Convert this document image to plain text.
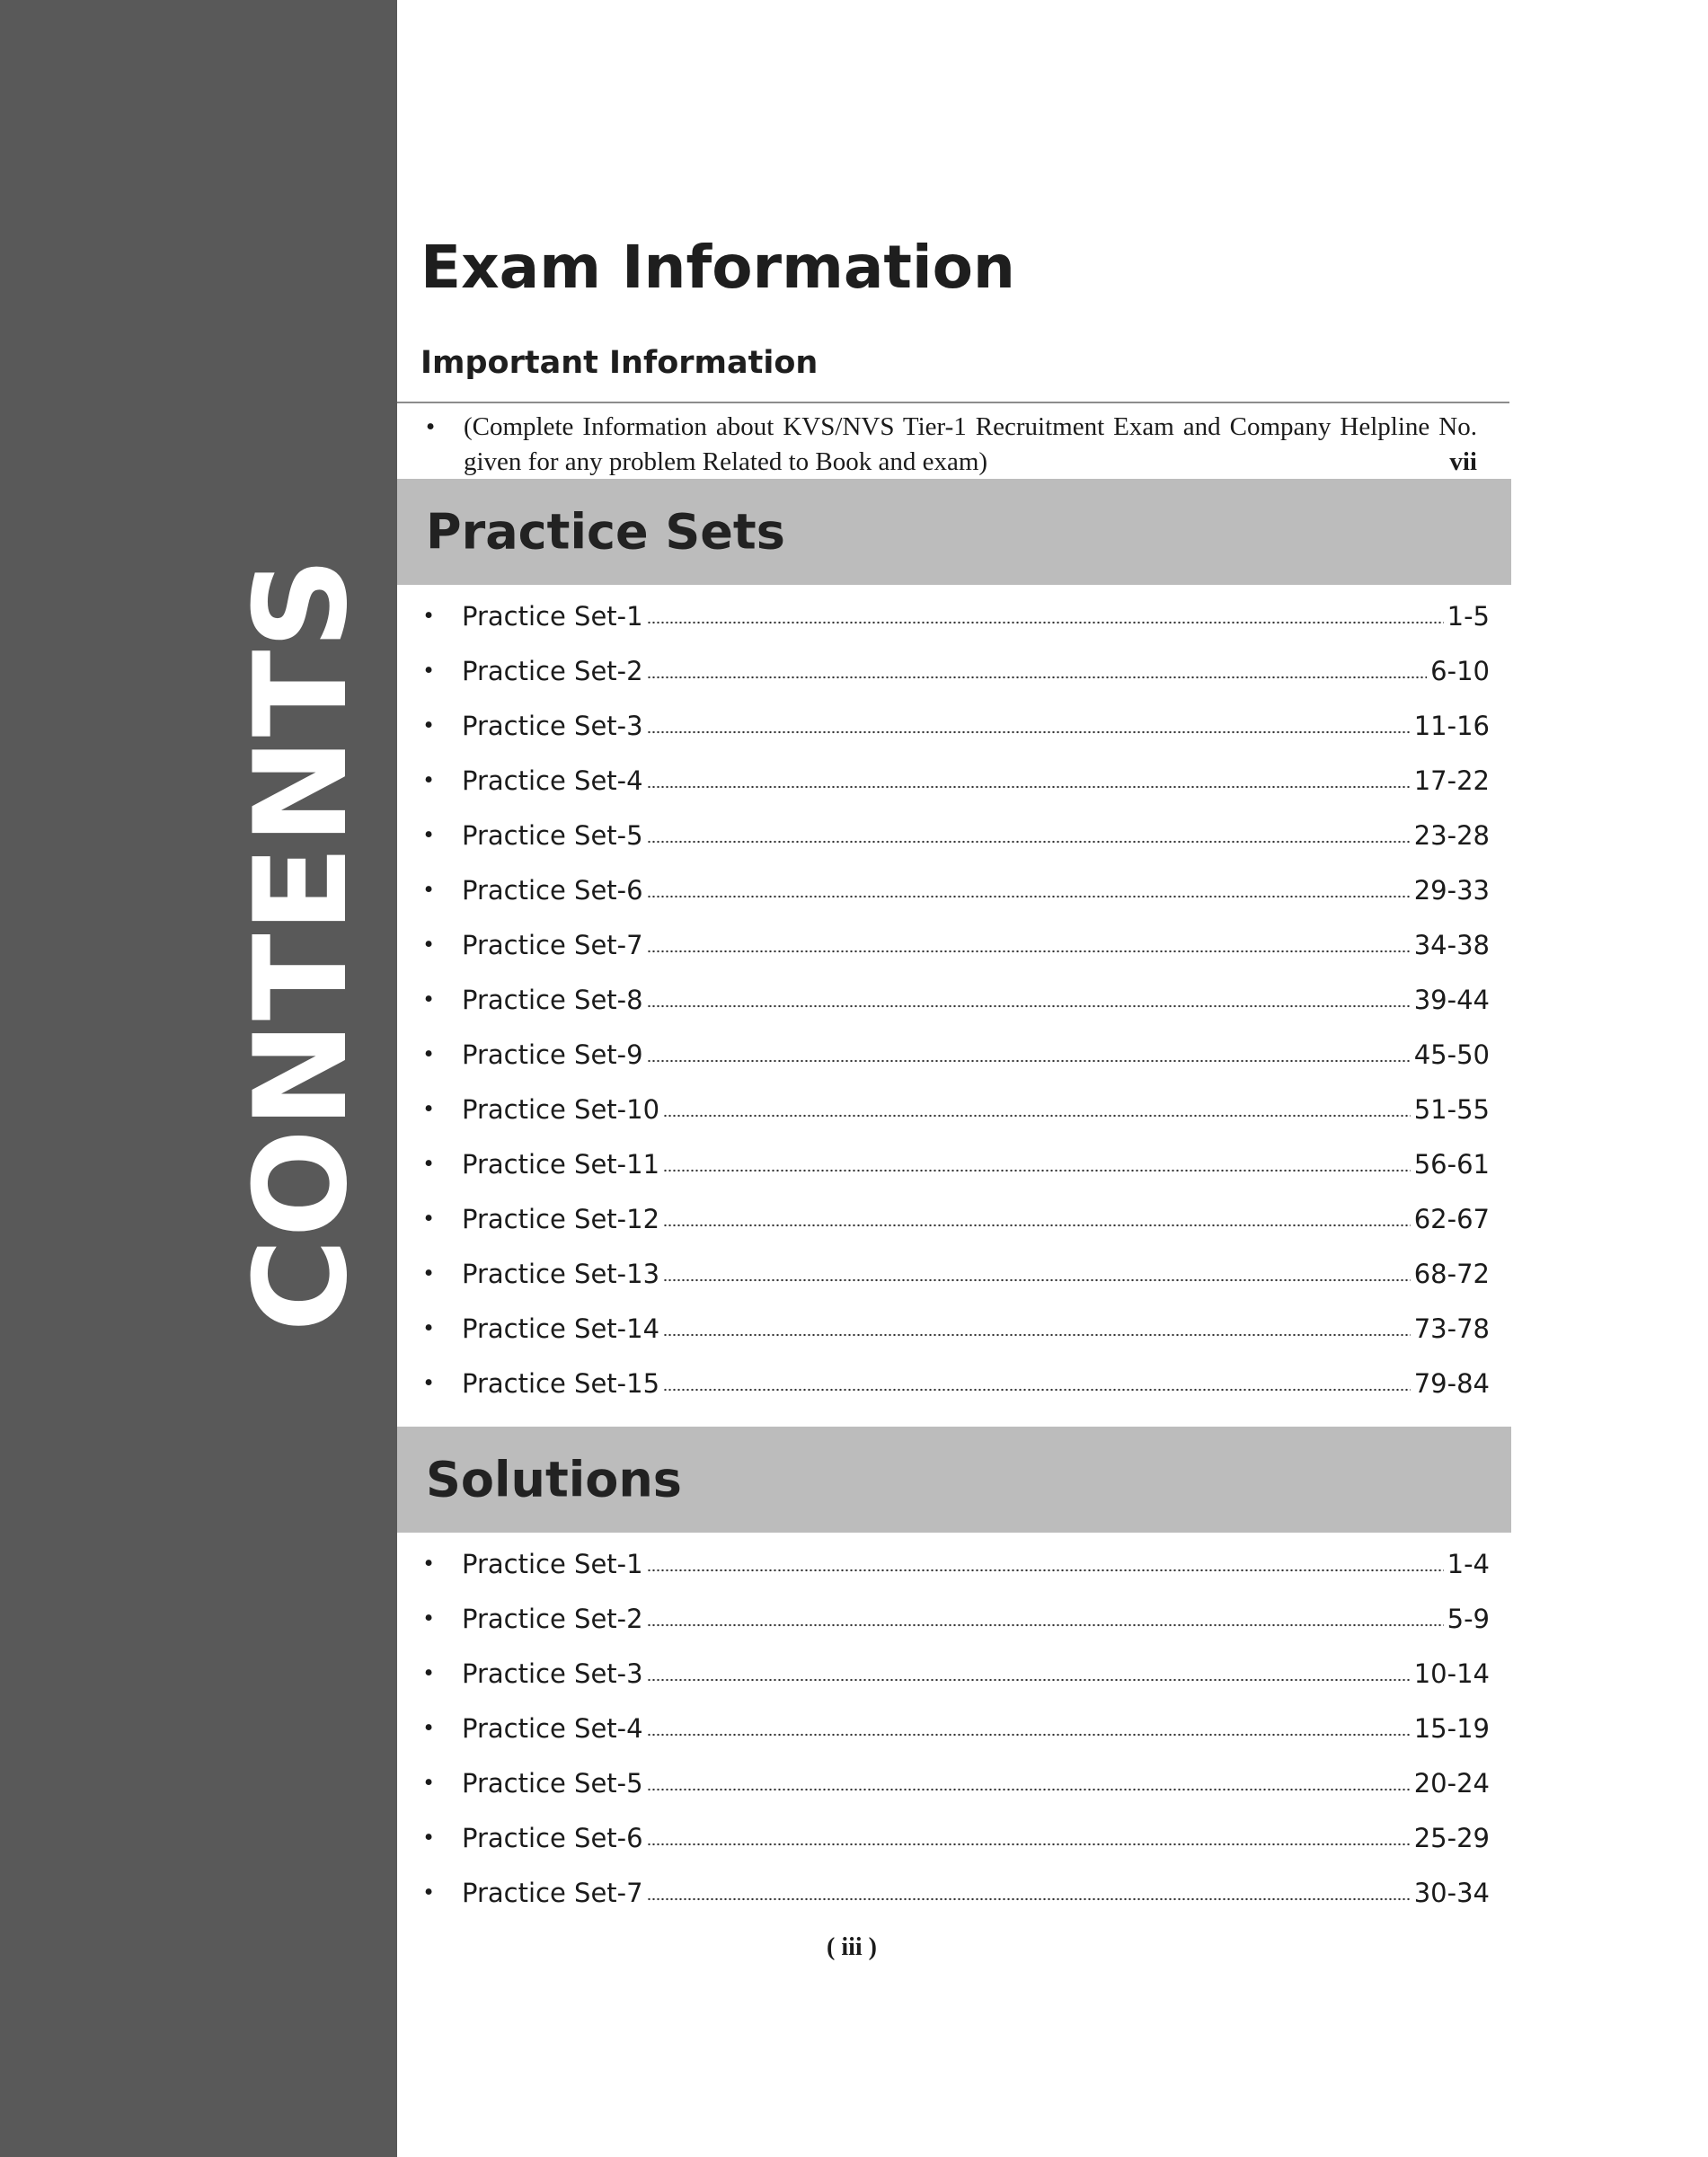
CONTENTS
Exam Information
Important Information
• (Complete Information about KVS/NVS Tier-1 Recruitment Exam and Company Helpline No.
given for any problem Related to Book and exam)	vii
Practice Sets
•	Practice Set-1	1-5
•	Practice Set-2	6-10
•	Practice Set-3	11-16
•	Practice Set-4	17-22
•	Practice Set-5	23-28
•	Practice Set-6	29-33
•	Practice Set-7	34-38
•	Practice Set-8	39-44
•	Practice Set-9	45-50
•	Practice Set-10	51-55
•	Practice Set-11	56-61
•	Practice Set-12	62-67
•	Practice Set-13	68-72
•	Practice Set-14	73-78
•	Practice Set-15	79-84
Solutions
•	Practice Set-1	1-4
•	Practice Set-2	5-9
•	Practice Set-3	10-14
•	Practice Set-4	15-19
•	Practice Set-5	20-24
•	Practice Set-6	25-29
•	Practice Set-7	30-34
( iii )
